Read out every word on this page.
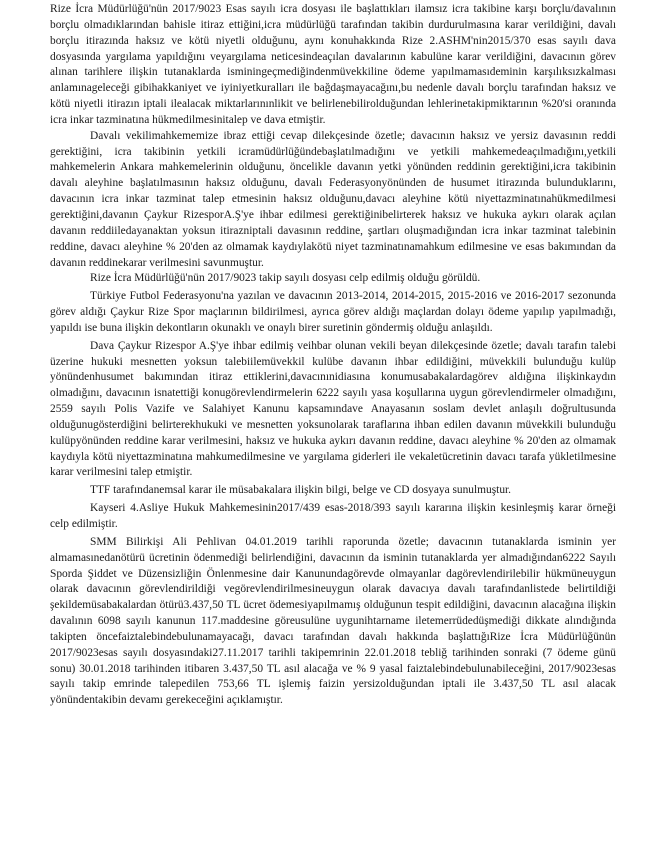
Rize İcra Müdürlüğü'nün 2017/9023 Esas sayılı icra dosyası ile başlattıkları ilamsız icra takibine karşı borçlu/davalının borçlu olmadıklarından bahisle itiraz ettiğini,icra müdürlüğü tarafından takibin durdurulmasına karar verildiğini, davalı borçlu itirazında haksız ve kötü niyetli olduğunu, aynı konuhakkında Rize 2.ASHM'nin2015/370 esas sayılı dava dosyasında yargılama yapıldığını veyargılama neticesindeaçılan davalarının kabulüne karar verildiğini, davacının görev alınan tarihlere ilişkin tutanaklarda isminingeçmediğindenmüvekkiline ödeme yapılmamasıdeminin karşılıksızkalması anlamınageleceği gibihakkaniyet ve iyiniyetkuralları ile bağdaşmayacağını,bu nedenle davalı borçlu tarafından haksız ve kötü niyetli itirazın iptali ilealacak miktarlarınınlikit ve belirlenebilirolduğundan lehlerinetakipmiktarının %20'si oranında icra inkar tazminatına hükmedilmesinitalep ve dava etmiştir.

Davalı vekilimahkememize ibraz ettiği cevap dilekçesinde özetle; davacının haksız ve yersiz davasının reddi gerektiğini, icra takibinin yetkili icramüdürlüğündebaşlatılmadığını ve yetkili mahkemedeaçılmadığını,yetkili mahkemelerin Ankara mahkemelerinin olduğunu, öncelikle davanın yetki yönünden reddinin gerektiğini,icra takibinin davalı aleyhine başlatılmasının haksız olduğunu, davalı Federasyonyönünden de husumet itirazında bulunduklarını, davacının icra inkar tazminat talep etmesinin haksız olduğunu,davacı aleyhine kötü niyettazminatınahükmedilmesi gerektiğini,davanın Çaykur RizesporA.Ş'ye ihbar edilmesi gerektiğinibelirterek haksız ve hukuka aykırı olarak açılan davanın reddiiledayanaktan yoksun itirazniptali davasının reddine, şartları oluşmadığından icra inkar tazminat talebinin reddine, davacı aleyhine % 20'den az olmamak kaydıylakötü niyet tazminatınamahkum edilmesine ve esas bakımından da davanın reddinekarar verilmesini savunmuştur.

Rize İcra Müdürlüğü'nün 2017/9023 takip sayılı dosyası celp edilmiş olduğu görüldü.

Türkiye Futbol Federasyonu'na yazılan ve davacının 2013-2014, 2014-2015, 2015-2016 ve 2016-2017 sezonunda görev aldığı Çaykur Rize Spor maçlarının bildirilmesi, ayrıca görev aldığı maçlardan dolayı ödeme yapılıp yapılmadığı, yapıldı ise buna ilişkin dekontların okunaklı ve onaylı birer suretinin göndermiş olduğu anlaşıldı.

Dava Çaykur Rizespor A.Ş'ye ihbar edilmiş veihbar olunan vekili beyan dilekçesinde özetle; davalı tarafın talebi üzerine hukuki mesnetten yoksun talebiilemüvekkil kulübe davanın ihbar edildiğini, müvekkili bulunduğu kulüp yönündenhusumet bakımından itiraz ettiklerini,davacınınidiasına konumusabakalardagörev aldığına ilişkinkaydın olmadığını, davacının isnatettiği konugörevlendirmelerin 6222 sayılı yasa koşullarına uygun görevlendirmeler olmadığını, 2559 sayılı Polis Vazife ve Salahiyet Kanunu kapsamındave Anayasanın soslam devlet anlaşılı doğrultusunda olduğunugösterdiğini belirterekhukuki ve mesnetten yoksunolarak taraflarına ihban edilen davanın müvekkili bulunduğu kulüpyönünden reddine karar verilmesini, haksız ve hukuka aykırı davanın reddine, davacı aleyhine % 20'den az olmamak kaydıyla kötü niyettazminatına mahkumedilmesine ve yargılama giderleri ile vekaletücretinin davacı tarafa yükletilmesine karar verilmesini talep etmiştir.

TTF tarafındanemsal karar ile müsabakalara ilişkin bilgi, belge ve CD dosyaya sunulmuştur.

Kayseri 4.Asliye Hukuk Mahkemesinin2017/439 esas-2018/393 sayılı kararına ilişkin kesinleşmiş karar örneği celp edilmiştir.

SMM Bilirkişi Ali Pehlivan 04.01.2019 tarihli raporunda özetle; davacının tutanaklarda isminin yer almamasınedanötürü ücretinin ödenmediği belirlendiğini, davacının da isminin tutanaklarda yer almadığından6222 Sayılı Sporda Şiddet ve Düzensizliğin Önlenmesine dair Kanunundagörevde olmayanlar dagörevlendirilebilir hükmüneuygun olarak davacının görevlendirildiği vegörevlendirilmesineuygun olarak davacıya davalı tarafındanlistede belirtildiği şekildemüsabakalardan ötürü3.437,50 TL ücret ödemesiyapılmamış olduğunun tespit edildiğini, davacının alacağına ilişkin davalının 6098 sayılı kanunun 117.maddesine göreusulüne uygunihtarname iletemerrüdedüşmediği dikkate alındığında takipten öncefaiztalebindebulunamayacağı, davacı tarafından davalı hakkında başlattığıRize İcra Müdürlüğünün 2017/9023esas sayılı dosyasındaki27.11.2017 tarihli takipemrinin 22.01.2018 tebliğ tarihinden sonraki (7 ödeme günü sonu) 30.01.2018 tarihinden itibaren 3.437,50 TL asıl alacağa ve % 9 yasal faiztalebindebulunabileceğini, 2017/9023esas sayılı takip emrinde talepedilen 753,66 TL işlemiş faizin yersizolduğundan iptali ile 3.437,50 TL asıl alacak yönündentakibin devamı gerekeceğini açıklamıştır.
